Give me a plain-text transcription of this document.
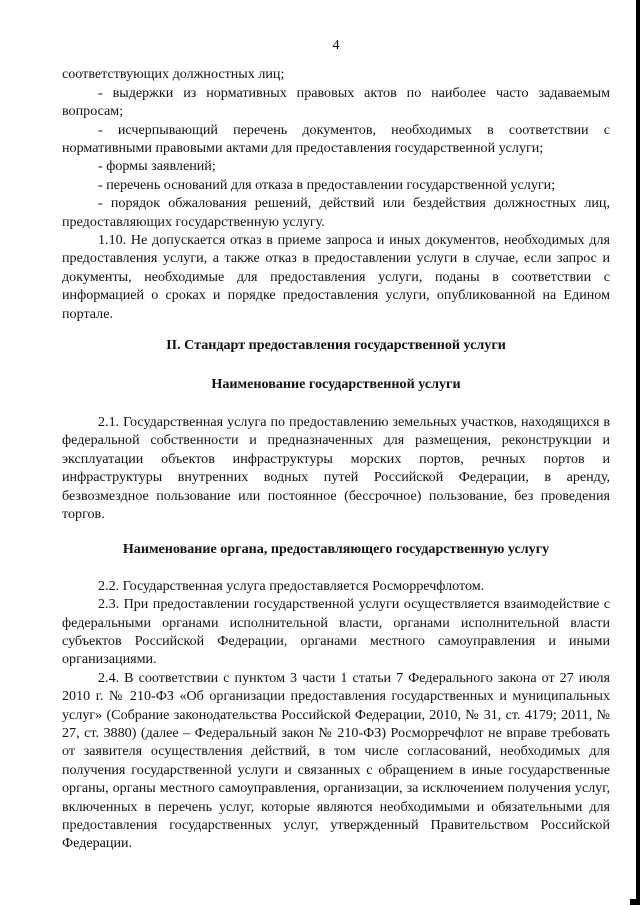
4

соответствующих должностных лиц;

- выдержки из нормативных правовых актов по наиболее часто задаваемым вопросам;

- исчерпывающий перечень документов, необходимых в соответствии с нормативными правовыми актами для предоставления государственной услуги;

- формы заявлений;

- перечень оснований для отказа в предоставлении государственной услуги;

- порядок обжалования решений, действий или бездействия должностных лиц, предоставляющих государственную услугу.

1.10. Не допускается отказ в приеме запроса и иных документов, необходимых для предоставления услуги, а также отказ в предоставлении услуги в случае, если запрос и документы, необходимые для предоставления услуги, поданы в соответствии с информацией о сроках и порядке предоставления услуги, опубликованной на Едином портале.

II. Стандарт предоставления государственной услуги

Наименование государственной услуги

2.1. Государственная услуга по предоставлению земельных участков, находящихся в федеральной собственности и предназначенных для размещения, реконструкции и эксплуатации объектов инфраструктуры морских портов, речных портов и инфраструктуры внутренних водных путей Российской Федерации, в аренду, безвозмездное пользование или постоянное (бессрочное) пользование, без проведения торгов.

Наименование органа, предоставляющего государственную услугу

2.2. Государственная услуга предоставляется Росморречфлотом.

2.3. При предоставлении государственной услуги осуществляется взаимодействие с федеральными органами исполнительной власти, органами исполнительной власти субъектов Российской Федерации, органами местного самоуправления и иными организациями.

2.4. В соответствии с пунктом 3 части 1 статьи 7 Федерального закона от 27 июля 2010 г. № 210-ФЗ «Об организации предоставления государственных и муниципальных услуг» (Собрание законодательства Российской Федерации, 2010, № 31, ст. 4179; 2011, № 27, ст. 3880) (далее – Федеральный закон № 210-ФЗ) Росморречфлот не вправе требовать от заявителя осуществления действий, в том числе согласований, необходимых для получения государственной услуги и связанных с обращением в иные государственные органы, органы местного самоуправления, организации, за исключением получения услуг, включенных в перечень услуг, которые являются необходимыми и обязательными для предоставления государственных услуг, утвержденный Правительством Российской Федерации.
